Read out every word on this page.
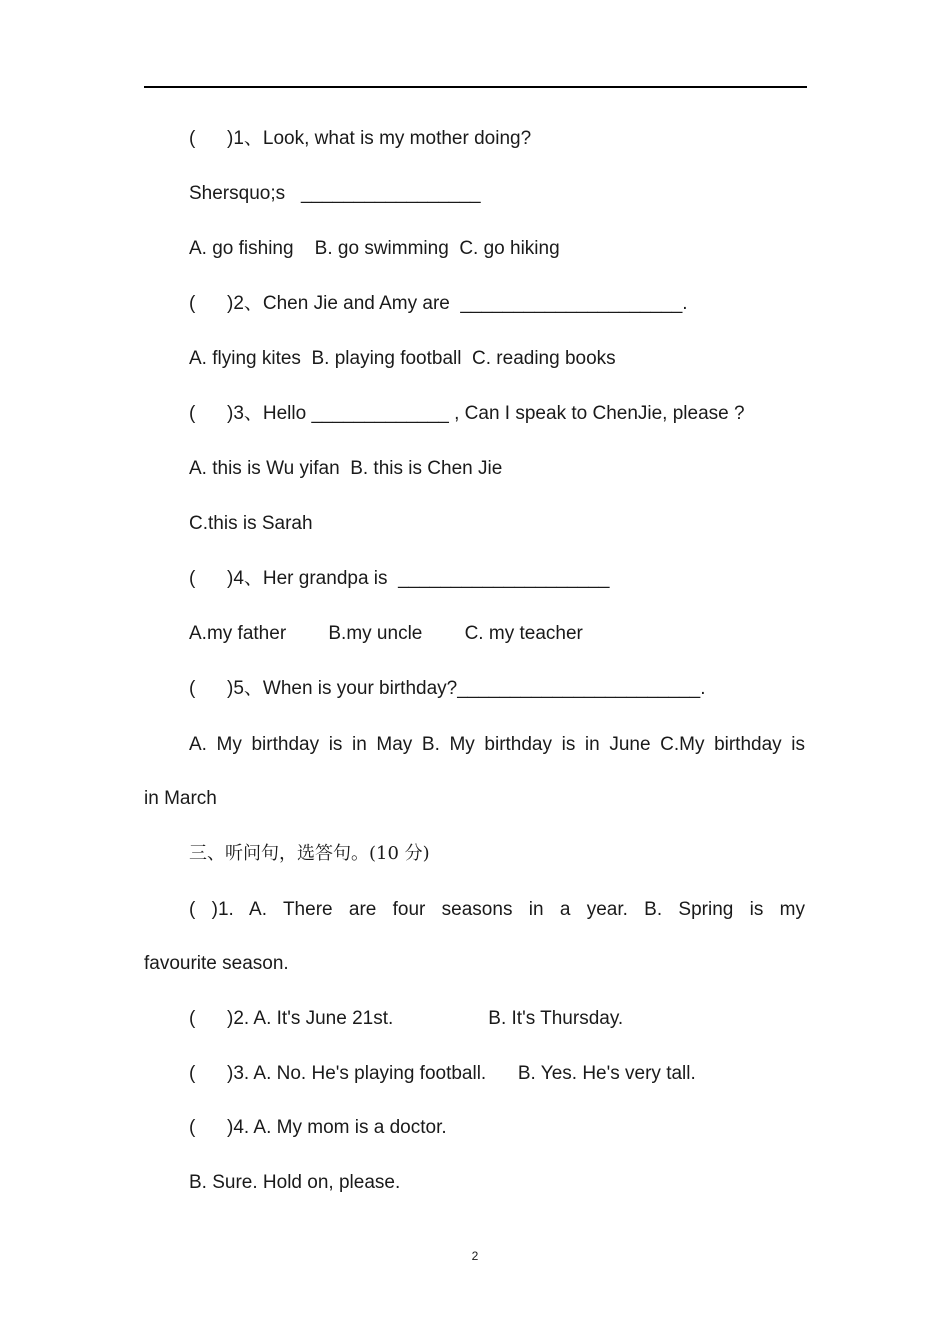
(      )1、Look, what is my mother doing?
Shersquo;s   _________________
A. go fishing    B. go swimming  C. go hiking
(      )2、Chen Jie and Amy are  _____________________.
A. flying kites  B. playing football  C. reading books
(      )3、Hello _____________ , Can I speak to ChenJie, please ?
A. this is Wu yifan  B. this is Chen Jie
C.this is Sarah
(      )4、Her grandpa is  ____________________
A.my father        B.my uncle        C. my teacher
(      )5、When is your birthday?_______________________.
A. My birthday is in May B. My birthday is in June C.My birthday is
in March
三、听问句，选答句。(10 分)
( )1. A. There are four seasons in a year. B. Spring is my
favourite season.
(      )2. A. It's June 21st.                  B. It's Thursday.
(      )3. A. No. He's playing football.      B. Yes. He's very tall.
(      )4. A. My mom is a doctor.
B. Sure. Hold on, please.
2
